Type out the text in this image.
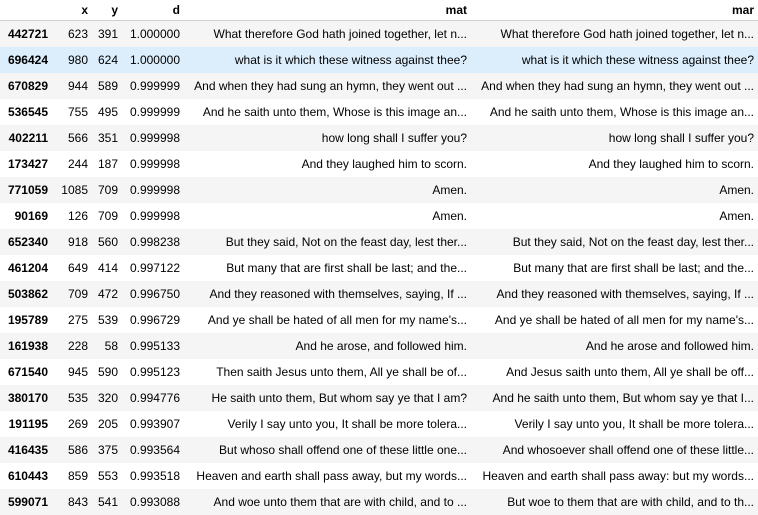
	x	y	d	mat	mar
442721	623	391	1.000000	What therefore God hath joined together, let n...	What therefore God hath joined together, let n...
696424	980	624	1.000000	what is it which these witness against thee?	what is it which these witness against thee?
670829	944	589	0.999999	And when they had sung an hymn, they went out ...	And when they had sung an hymn, they went out ...
536545	755	495	0.999999	And he saith unto them, Whose is this image an...	And he saith unto them, Whose is this image an...
402211	566	351	0.999998	how long shall I suffer you?	how long shall I suffer you?
173427	244	187	0.999998	And they laughed him to scorn.	And they laughed him to scorn.
771059	1085	709	0.999998	Amen.	Amen.
90169	126	709	0.999998	Amen.	Amen.
652340	918	560	0.998238	But they said, Not on the feast day, lest ther...	But they said, Not on the feast day, lest ther...
461204	649	414	0.997122	But many that are first shall be last; and the...	But many that are first shall be last; and the...
503862	709	472	0.996750	And they reasoned with themselves, saying, If ...	And they reasoned with themselves, saying, If ...
195789	275	539	0.996729	And ye shall be hated of all men for my name's...	And ye shall be hated of all men for my name's...
161938	228	58	0.995133	And he arose, and followed him.	And he arose and followed him.
671540	945	590	0.995123	Then saith Jesus unto them, All ye shall be of...	And Jesus saith unto them, All ye shall be off...
380170	535	320	0.994776	He saith unto them, But whom say ye that I am?	And he saith unto them, But whom say ye that I...
191195	269	205	0.993907	Verily I say unto you, It shall be more tolera...	Verily I say unto you, It shall be more tolera...
416435	586	375	0.993564	But whoso shall offend one of these little one...	And whosoever shall offend one of these little...
610443	859	553	0.993518	Heaven and earth shall pass away, but my words...	Heaven and earth shall pass away: but my words...
599071	843	541	0.993088	And woe unto them that are with child, and to ...	But woe to them that are with child, and to th...
